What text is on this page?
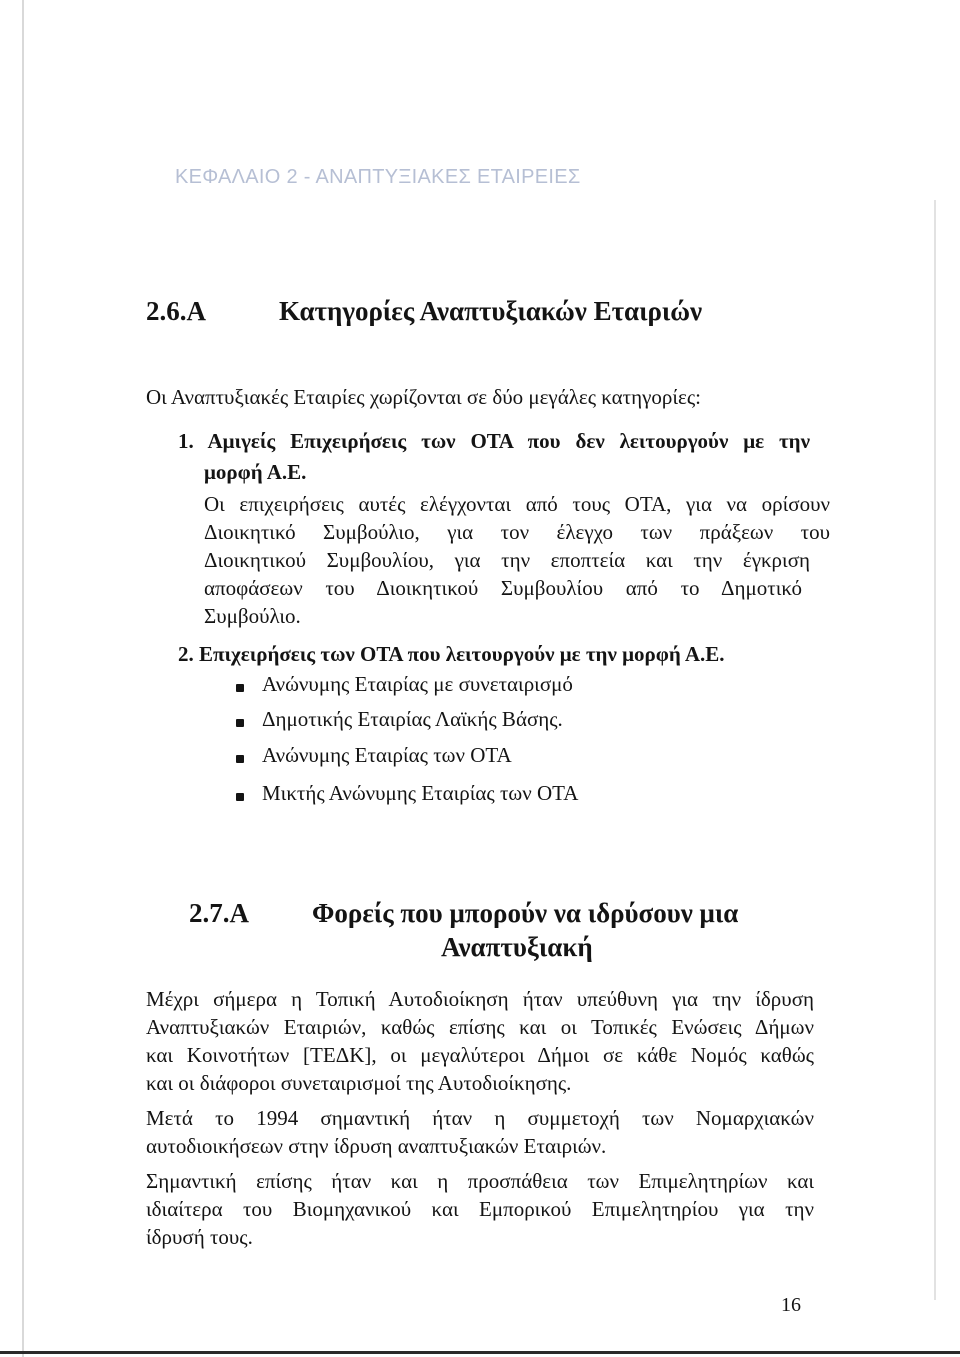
ΚΕΦΑΛΑΙΟ 2 - ΑΝΑΠΤΥΞΙΑΚΕΣ ΕΤΑΙΡΕΙΕΣ
2.6.Α	Κατηγορίες Αναπτυξιακών Εταιριών
Οι Αναπτυξιακές Εταιρίες χωρίζονται σε δύο μεγάλες κατηγορίες:
1. Αμιγείς Επιχειρήσεις των ΟΤΑ που δεν λειτουργούν με την
μορφή Α.Ε.
Οι επιχειρήσεις αυτές ελέγχονται από τους ΟΤΑ, για να ορίσουν
Διοικητικό Συμβούλιο, για τον έλεγχο των πράξεων του
Διοικητικού Συμβουλίου, για την εποπτεία και την έγκριση
αποφάσεων του Διοικητικού Συμβουλίου από το Δημοτικό
Συμβούλιο.
2. Επιχειρήσεις των ΟΤΑ που λειτουργούν με την μορφή Α.Ε.
Ανώνυμης Εταιρίας με συνεταιρισμό
Δημοτικής Εταιρίας Λαϊκής Βάσης.
Ανώνυμης Εταιρίας των ΟΤΑ
Μικτής Ανώνυμης Εταιρίας των ΟΤΑ
2.7.Α Φορείς που μπορούν να ιδρύσουν μια
Αναπτυξιακή
Μέχρι σήμερα η Τοπική Αυτοδιοίκηση ήταν υπεύθυνη για την ίδρυση
Αναπτυξιακών Εταιριών, καθώς επίσης και οι Τοπικές Ενώσεις Δήμων
και Κοινοτήτων [ΤΕΔΚ], οι μεγαλύτεροι Δήμοι σε κάθε Νομός καθώς
και οι διάφοροι συνεταιρισμοί της Αυτοδιοίκησης.
Μετά το 1994 σημαντική ήταν η συμμετοχή των Νομαρχιακών
αυτοδιοικήσεων στην ίδρυση αναπτυξιακών Εταιριών.
Σημαντική επίσης ήταν και η προσπάθεια των Επιμελητηρίων και
ιδιαίτερα του Βιομηχανικού και Εμπορικού Επιμελητηρίου για την
ίδρυσή τους.
16
